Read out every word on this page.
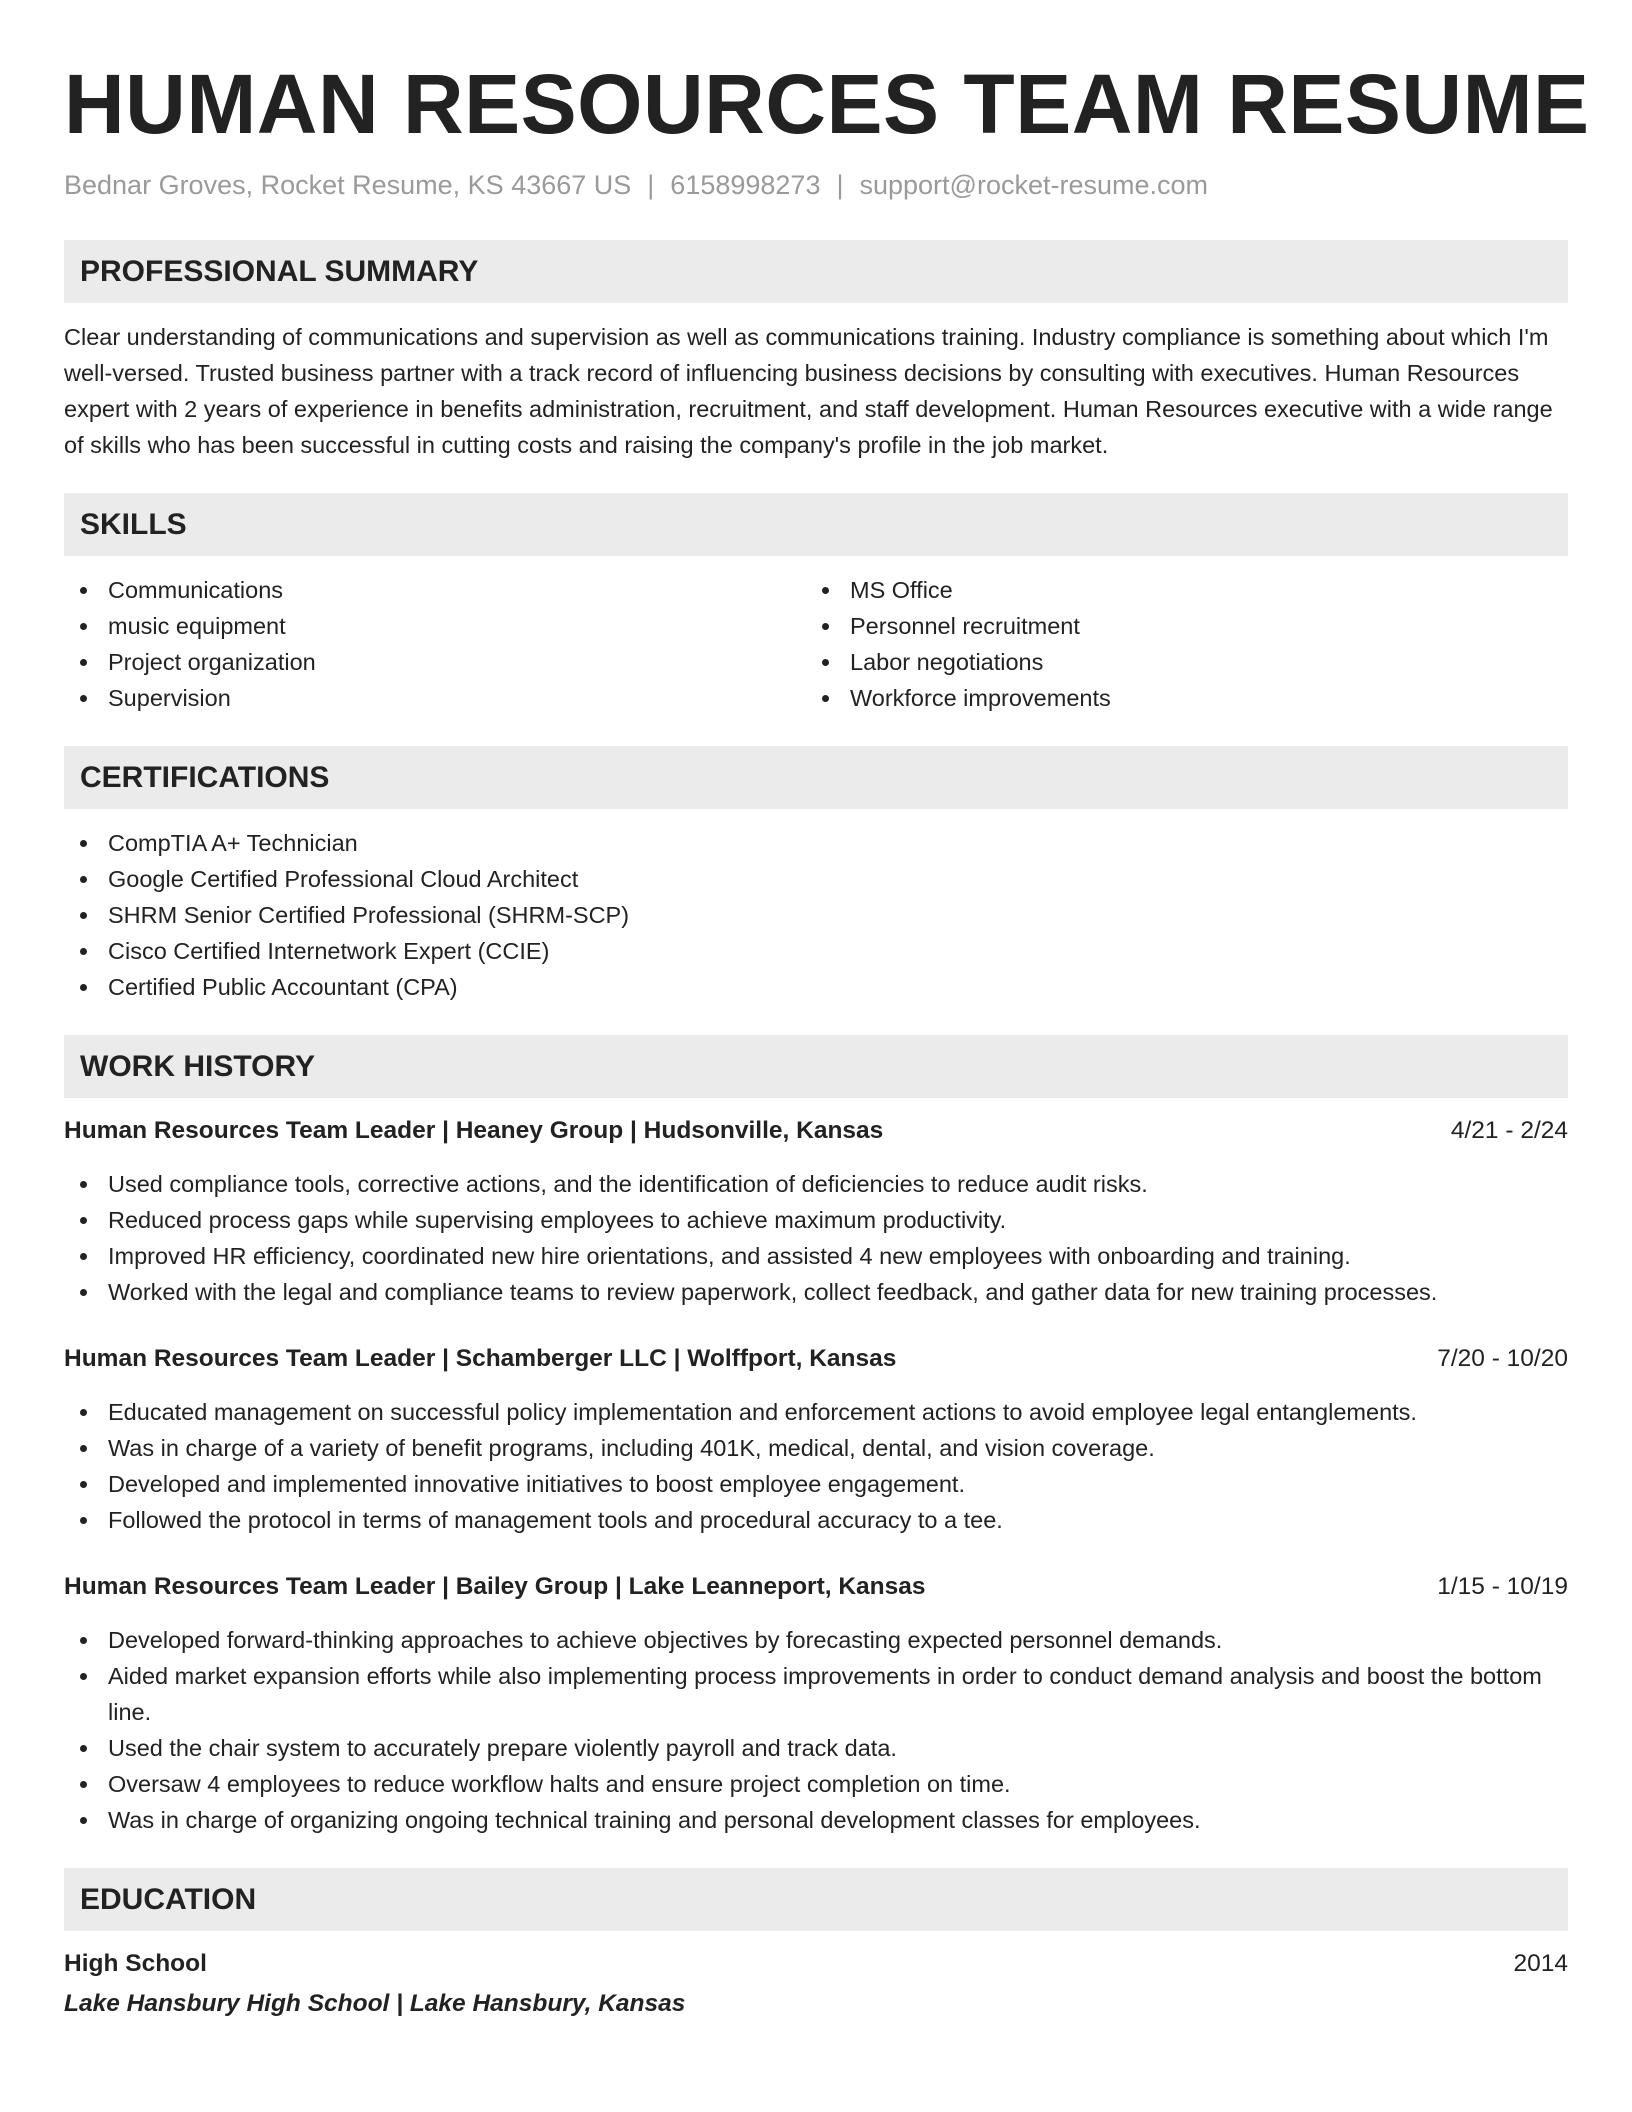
HUMAN RESOURCES TEAM RESUME
Bednar Groves, Rocket Resume, KS 43667 US | 6158998273 | support@rocket-resume.com
PROFESSIONAL SUMMARY
Clear understanding of communications and supervision as well as communications training. Industry compliance is something about which I'm well-versed. Trusted business partner with a track record of influencing business decisions by consulting with executives. Human Resources expert with 2 years of experience in benefits administration, recruitment, and staff development. Human Resources executive with a wide range of skills who has been successful in cutting costs and raising the company's profile in the job market.
SKILLS
Communications
music equipment
Project organization
Supervision
MS Office
Personnel recruitment
Labor negotiations
Workforce improvements
CERTIFICATIONS
CompTIA A+ Technician
Google Certified Professional Cloud Architect
SHRM Senior Certified Professional (SHRM-SCP)
Cisco Certified Internetwork Expert (CCIE)
Certified Public Accountant (CPA)
WORK HISTORY
Human Resources Team Leader | Heaney Group | Hudsonville, Kansas	4/21 - 2/24
Used compliance tools, corrective actions, and the identification of deficiencies to reduce audit risks.
Reduced process gaps while supervising employees to achieve maximum productivity.
Improved HR efficiency, coordinated new hire orientations, and assisted 4 new employees with onboarding and training.
Worked with the legal and compliance teams to review paperwork, collect feedback, and gather data for new training processes.
Human Resources Team Leader | Schamberger LLC | Wolffport, Kansas	7/20 - 10/20
Educated management on successful policy implementation and enforcement actions to avoid employee legal entanglements.
Was in charge of a variety of benefit programs, including 401K, medical, dental, and vision coverage.
Developed and implemented innovative initiatives to boost employee engagement.
Followed the protocol in terms of management tools and procedural accuracy to a tee.
Human Resources Team Leader | Bailey Group | Lake Leanneport, Kansas	1/15 - 10/19
Developed forward-thinking approaches to achieve objectives by forecasting expected personnel demands.
Aided market expansion efforts while also implementing process improvements in order to conduct demand analysis and boost the bottom line.
Used the chair system to accurately prepare violently payroll and track data.
Oversaw 4 employees to reduce workflow halts and ensure project completion on time.
Was in charge of organizing ongoing technical training and personal development classes for employees.
EDUCATION
High School	2014
Lake Hansbury High School | Lake Hansbury, Kansas
